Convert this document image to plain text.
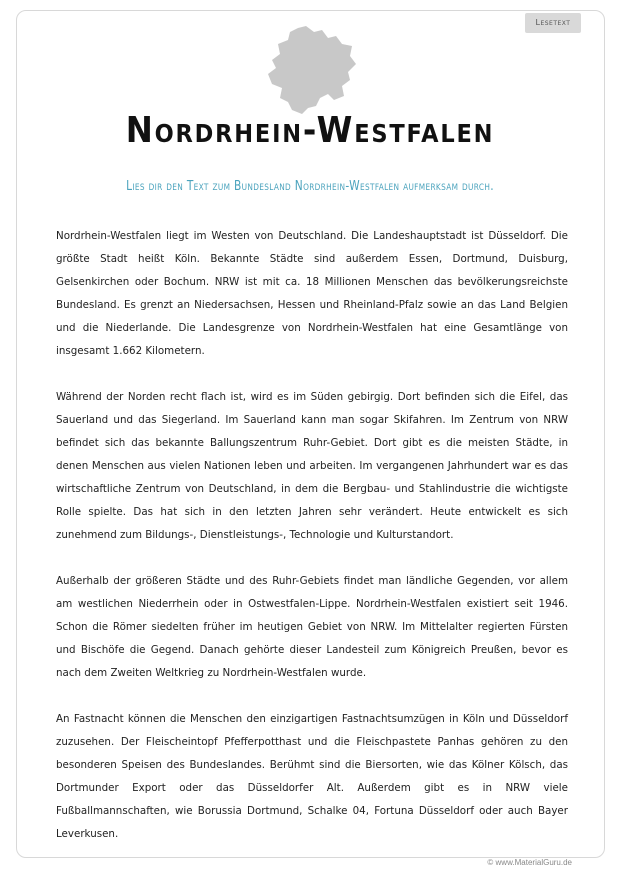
Lesetext
Nordrhein-Westfalen
Lies dir den Text zum Bundesland Nordrhein-Westfalen aufmerksam durch.

Nordrhein-Westfalen liegt im Westen von Deutschland. Die Landeshauptstadt ist Düsseldorf. Die größte Stadt heißt Köln. Bekannte Städte sind außerdem Essen, Dortmund, Duisburg, Gelsenkirchen oder Bochum. NRW ist mit ca. 18 Millionen Menschen das bevölkerungsreichste Bundesland. Es grenzt an Niedersachsen, Hessen und Rheinland-Pfalz sowie an das Land Belgien und die Niederlande. Die Landesgrenze von Nordrhein-Westfalen hat eine Gesamtlänge von insgesamt 1.662 Kilometern.

Während der Norden recht flach ist, wird es im Süden gebirgig. Dort befinden sich die Eifel, das Sauerland und das Siegerland. Im Sauerland kann man sogar Skifahren. Im Zentrum von NRW befindet sich das bekannte Ballungszentrum Ruhr-Gebiet. Dort gibt es die meisten Städte, in denen Menschen aus vielen Nationen leben und arbeiten. Im vergangenen Jahrhundert war es das wirtschaftliche Zentrum von Deutschland, in dem die Bergbau- und Stahlindustrie die wichtigste Rolle spielte. Das hat sich in den letzten Jahren sehr verändert. Heute entwickelt es sich zunehmend zum Bildungs-, Dienstleistungs-, Technologie und Kulturstandort.

Außerhalb der größeren Städte und des Ruhr-Gebiets findet man ländliche Gegenden, vor allem am westlichen Niederrhein oder in Ostwestfalen-Lippe. Nordrhein-Westfalen existiert seit 1946. Schon die Römer siedelten früher im heutigen Gebiet von NRW. Im Mittelalter regierten Fürsten und Bischöfe die Gegend. Danach gehörte dieser Landesteil zum Königreich Preußen, bevor es nach dem Zweiten Weltkrieg zu Nordrhein-Westfalen wurde.

An Fastnacht können die Menschen den einzigartigen Fastnachtsumzügen in Köln und Düsseldorf zuzusehen. Der Fleischeintopf Pfefferpotthast und die Fleischpastete Panhas gehören zu den besonderen Speisen des Bundeslandes. Berühmt sind die Biersorten, wie das Kölner Kölsch, das Dortmunder Export oder das Düsseldorfer Alt. Außerdem gibt es in NRW viele Fußballmannschaften, wie Borussia Dortmund, Schalke 04, Fortuna Düsseldorf oder auch Bayer Leverkusen.

© www.MaterialGuru.de
